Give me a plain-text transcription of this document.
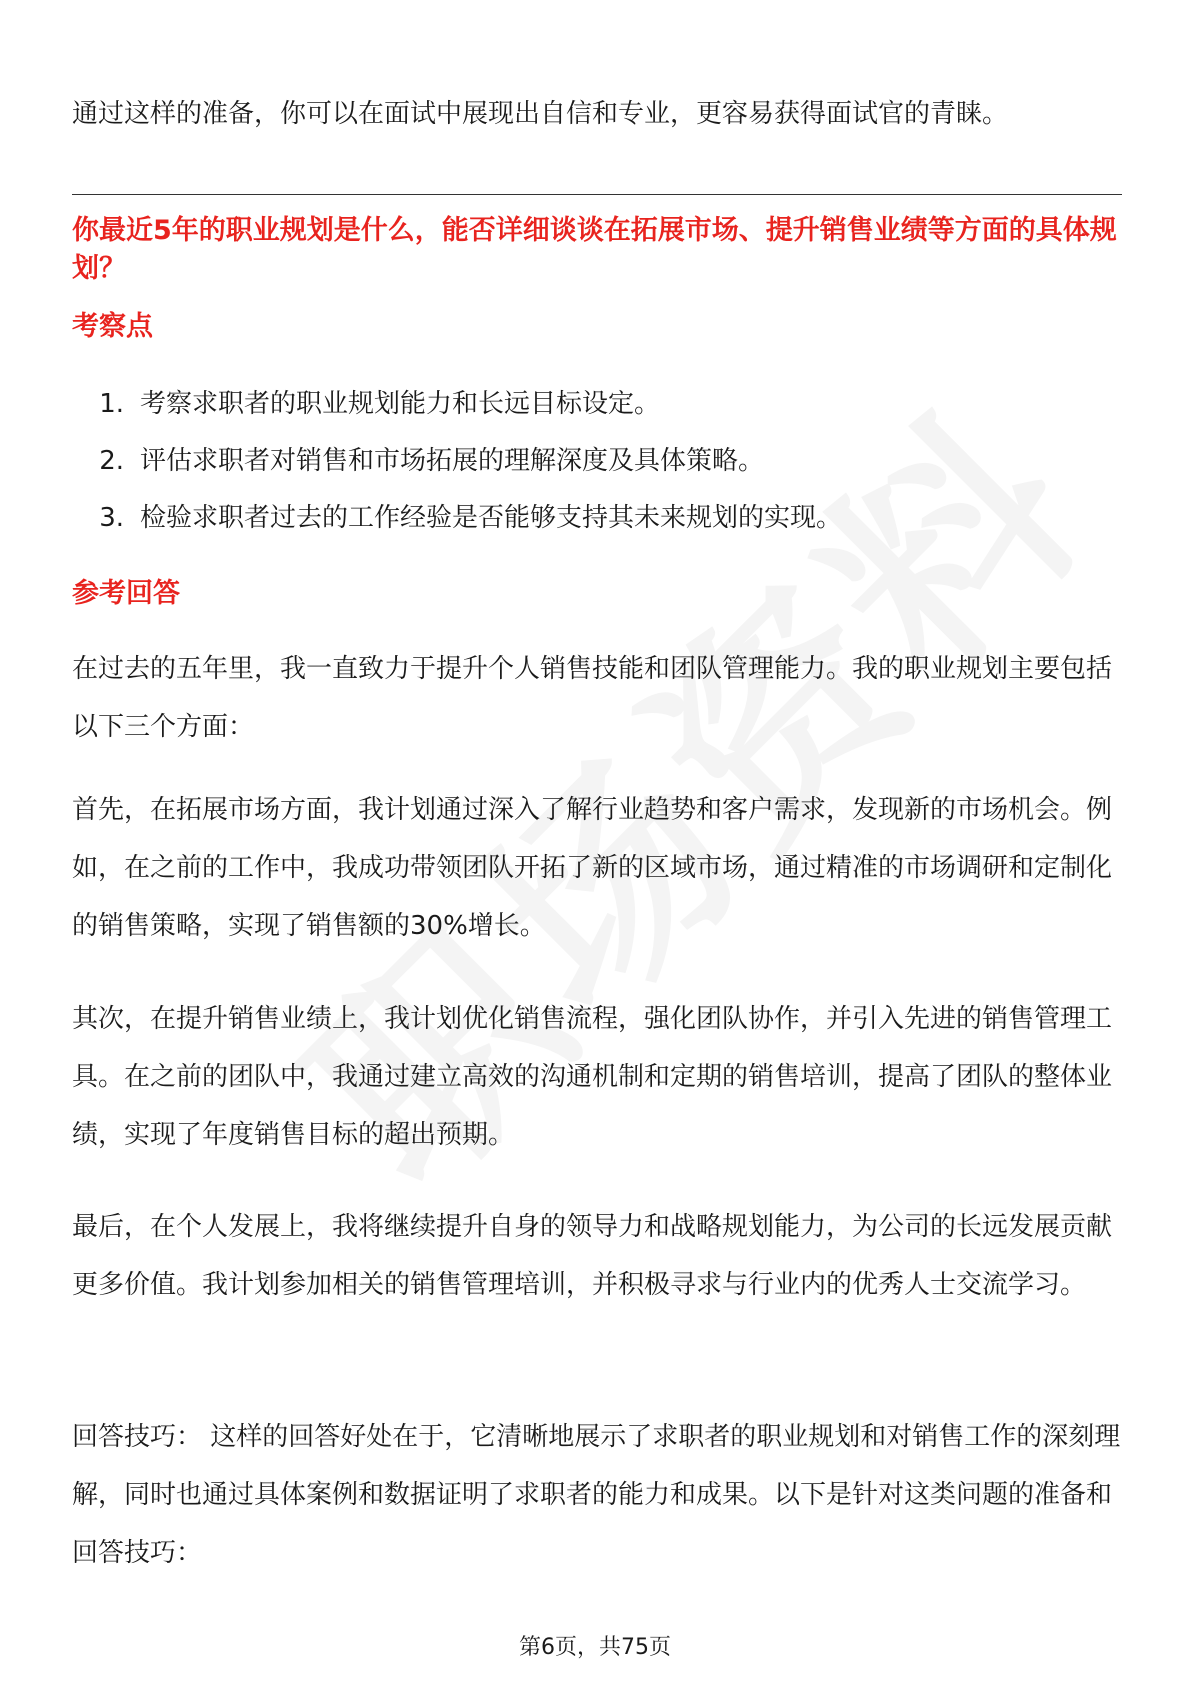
通过这样的准备，你可以在面试中展现出自信和专业，更容易获得面试官的青睐。

你最近5年的职业规划是什么，能否详细谈谈在拓展市场、提升销售业绩等方面的具体规划？
考察点
1. 考察求职者的职业规划能力和长远目标设定。
2. 评估求职者对销售和市场拓展的理解深度及具体策略。
3. 检验求职者过去的工作经验是否能够支持其未来规划的实现。
参考回答

在过去的五年里，我一直致力于提升个人销售技能和团队管理能力。我的职业规划主要包括以下三个方面：

首先，在拓展市场方面，我计划通过深入了解行业趋势和客户需求，发现新的市场机会。例如，在之前的工作中，我成功带领团队开拓了新的区域市场，通过精准的市场调研和定制化的销售策略，实现了销售额的30%增长。

其次，在提升销售业绩上，我计划优化销售流程，强化团队协作，并引入先进的销售管理工具。在之前的团队中，我通过建立高效的沟通机制和定期的销售培训，提高了团队的整体业绩，实现了年度销售目标的超出预期。

最后，在个人发展上，我将继续提升自身的领导力和战略规划能力，为公司的长远发展贡献更多价值。我计划参加相关的销售管理培训，并积极寻求与行业内的优秀人士交流学习。

回答技巧： 这样的回答好处在于，它清晰地展示了求职者的职业规划和对销售工作的深刻理解，同时也通过具体案例和数据证明了求职者的能力和成果。以下是针对这类问题的准备和回答技巧：

第6页，共75页
